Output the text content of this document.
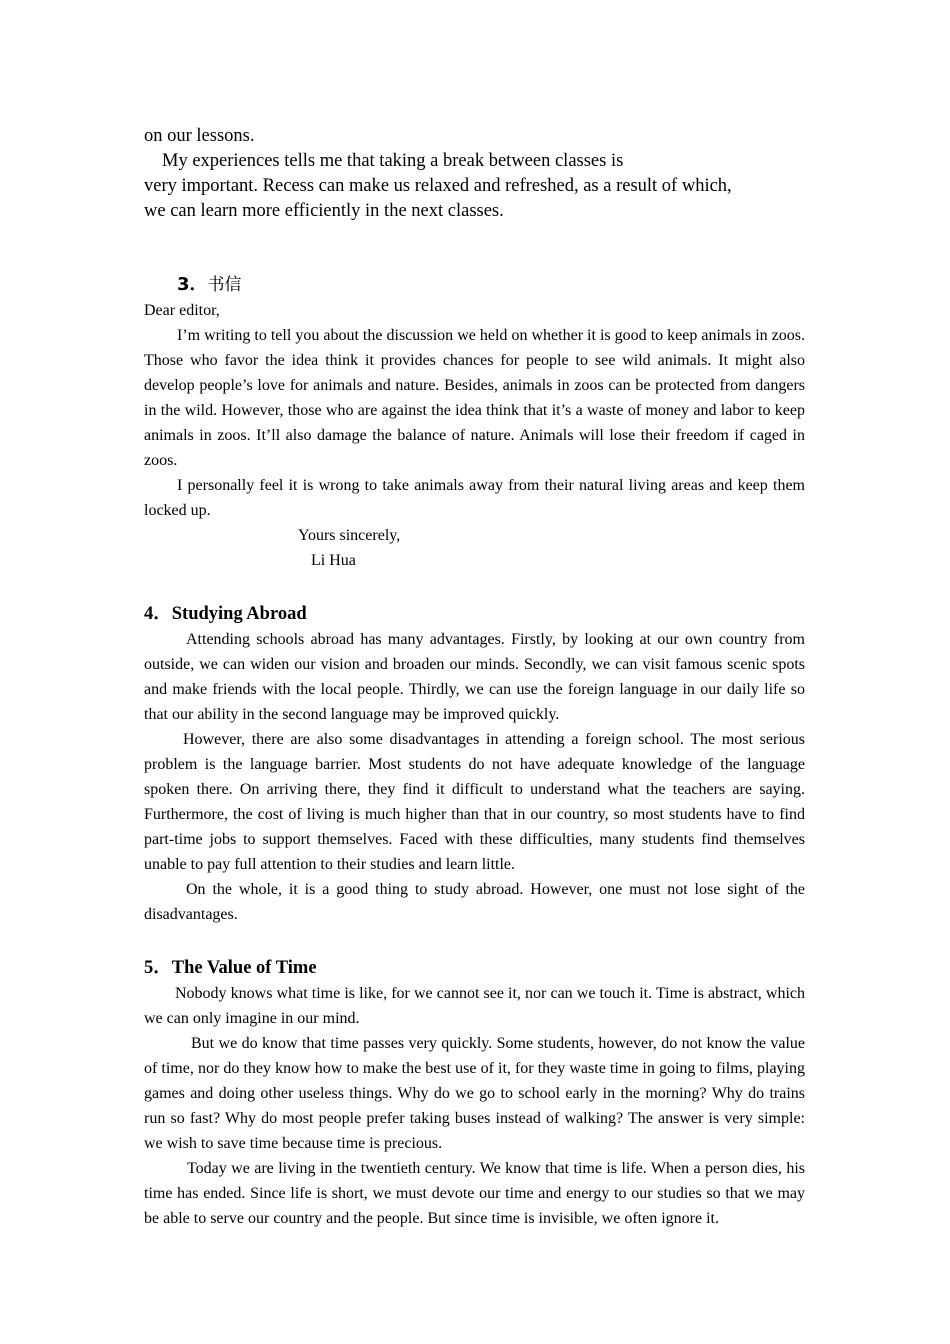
on our lessons.

My experiences tells me that taking a break between classes is

very important. Recess can make us relaxed and refreshed, as a result of which,

we can learn more efficiently in the next classes.

3．书信

Dear editor,

I’m writing to tell you about the discussion we held on whether it is good to keep animals in zoos. Those who favor the idea think it provides chances for people to see wild animals. It might also develop people’s love for animals and nature. Besides, animals in zoos can be protected from dangers in the wild. However, those who are against the idea think that it’s a waste of money and labor to keep animals in zoos. It’ll also damage the balance of nature. Animals will lose their freedom if caged in zoos.

I personally feel it is wrong to take animals away from their natural living areas and keep them locked up.

Yours sincerely,

Li Hua

4．Studying Abroad

Attending schools abroad has many advantages. Firstly, by looking at our own country from outside, we can widen our vision and broaden our minds. Secondly, we can visit famous scenic spots and make friends with the local people. Thirdly, we can use the foreign language in our daily life so that our ability in the second language may be improved quickly.

However, there are also some disadvantages in attending a foreign school. The most serious problem is the language barrier. Most students do not have adequate knowledge of the language spoken there. On arriving there, they find it difficult to understand what the teachers are saying. Furthermore, the cost of living is much higher than that in our country, so most students have to find part-time jobs to support themselves. Faced with these difficulties, many students find themselves unable to pay full attention to their studies and learn little.

On the whole, it is a good thing to study abroad. However, one must not lose sight of the disadvantages.

5．The Value of Time

Nobody knows what time is like, for we cannot see it, nor can we touch it. Time is abstract, which we can only imagine in our mind.

But we do know that time passes very quickly. Some students, however, do not know the value of time, nor do they know how to make the best use of it, for they waste time in going to films, playing games and doing other useless things. Why do we go to school early in the morning? Why do trains run so fast? Why do most people prefer taking buses instead of walking? The answer is very simple: we wish to save time because time is precious.

Today we are living in the twentieth century. We know that time is life. When a person dies, his time has ended. Since life is short, we must devote our time and energy to our studies so that we may be able to serve our country and the people. But since time is invisible, we often ignore it.
